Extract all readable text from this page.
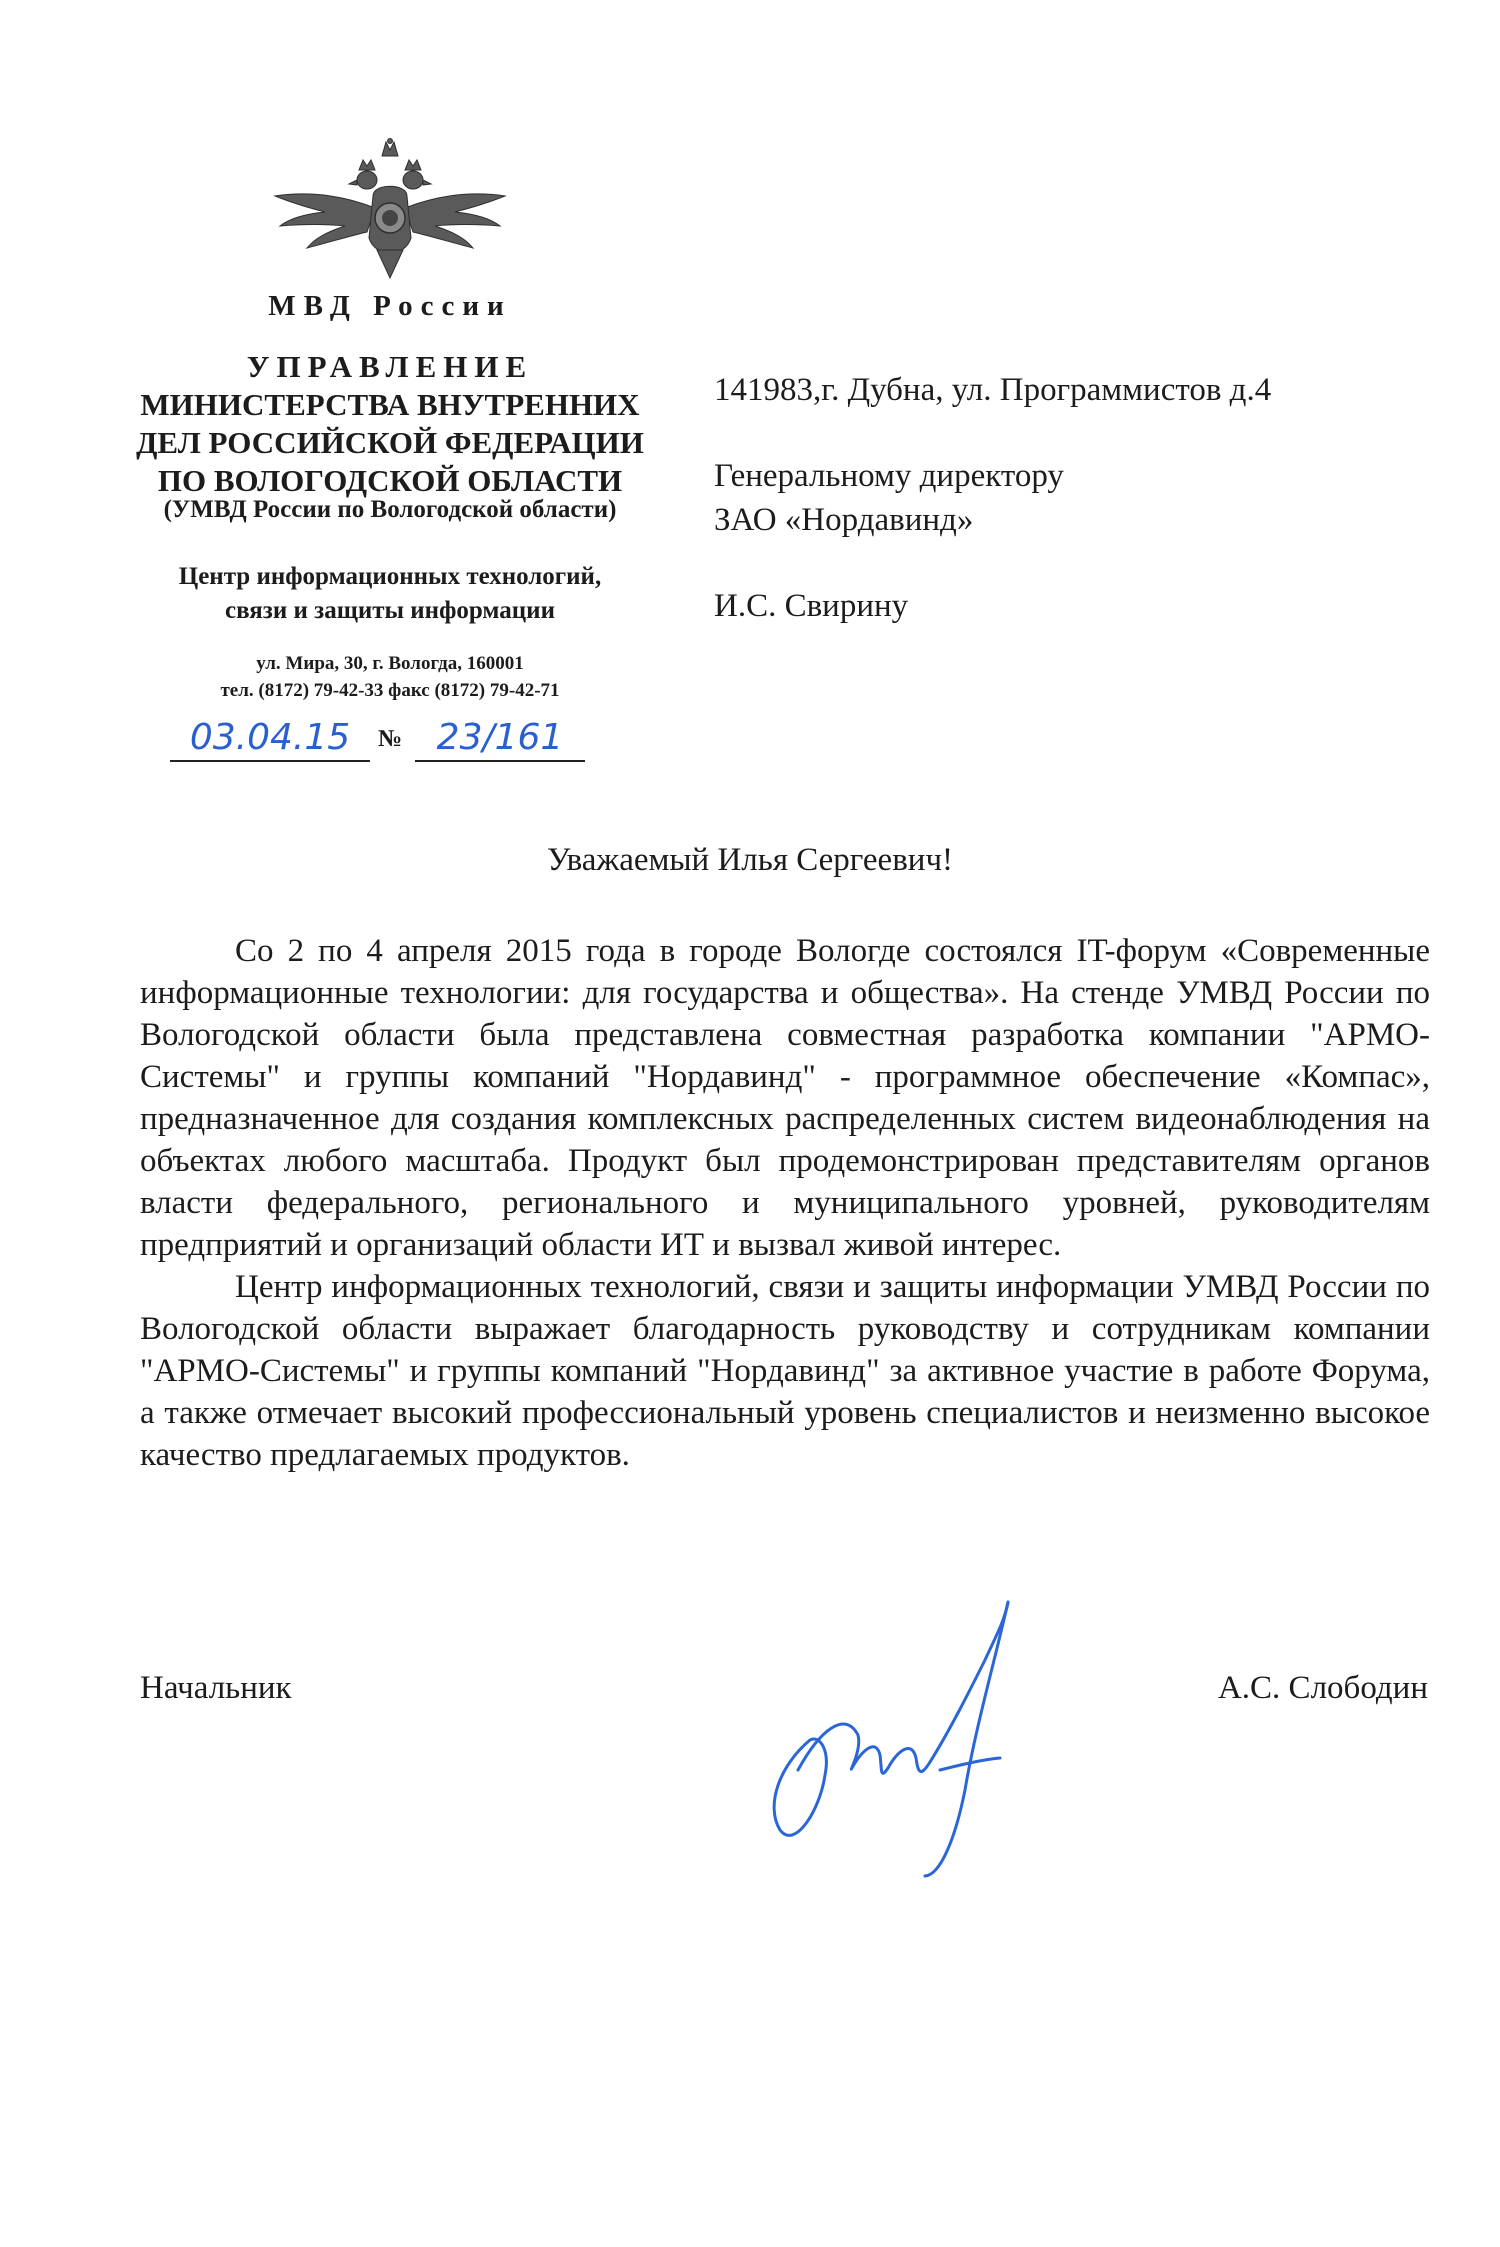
МВД России
УПРАВЛЕНИЕ
МИНИСТЕРСТВА ВНУТРЕННИХ
ДЕЛ РОССИЙСКОЙ ФЕДЕРАЦИИ
ПО ВОЛОГОДСКОЙ ОБЛАСТИ
(УМВД России по Вологодской области)
Центр информационных технологий,
связи и защиты информации
ул. Мира, 30, г. Вологда, 160001
тел. (8172) 79-42-33 факс (8172) 79-42-71
03.04.15	№ 23/161
141983,г. Дубна, ул. Программистов д.4
Генеральному директору
ЗАО «Нордавинд»
И.С. Свирину
Уважаемый Илья Сергеевич!

Со 2 по 4 апреля 2015 года в городе Вологде состоялся IT-форум «Современные информационные технологии: для государства и общества». На стенде УМВД России по Вологодской области была представлена совместная разработка компании "АРМО-Системы" и группы компаний "Нордавинд" - программное обеспечение «Компас», предназначенное для создания комплексных распределенных систем видеонаблюдения на объектах любого масштаба. Продукт был продемонстрирован представителям органов власти федерального, регионального и муниципального уровней, руководителям предприятий и организаций области ИТ и вызвал живой интерес.

Центр информационных технологий, связи и защиты информации УМВД России по Вологодской области выражает благодарность руководству и сотрудникам компании "АРМО-Системы" и группы компаний "Нордавинд" за активное участие в работе Форума, а также отмечает высокий профессиональный уровень специалистов и неизменно высокое качество предлагаемых продуктов.

Начальник	А.С. Слободин
